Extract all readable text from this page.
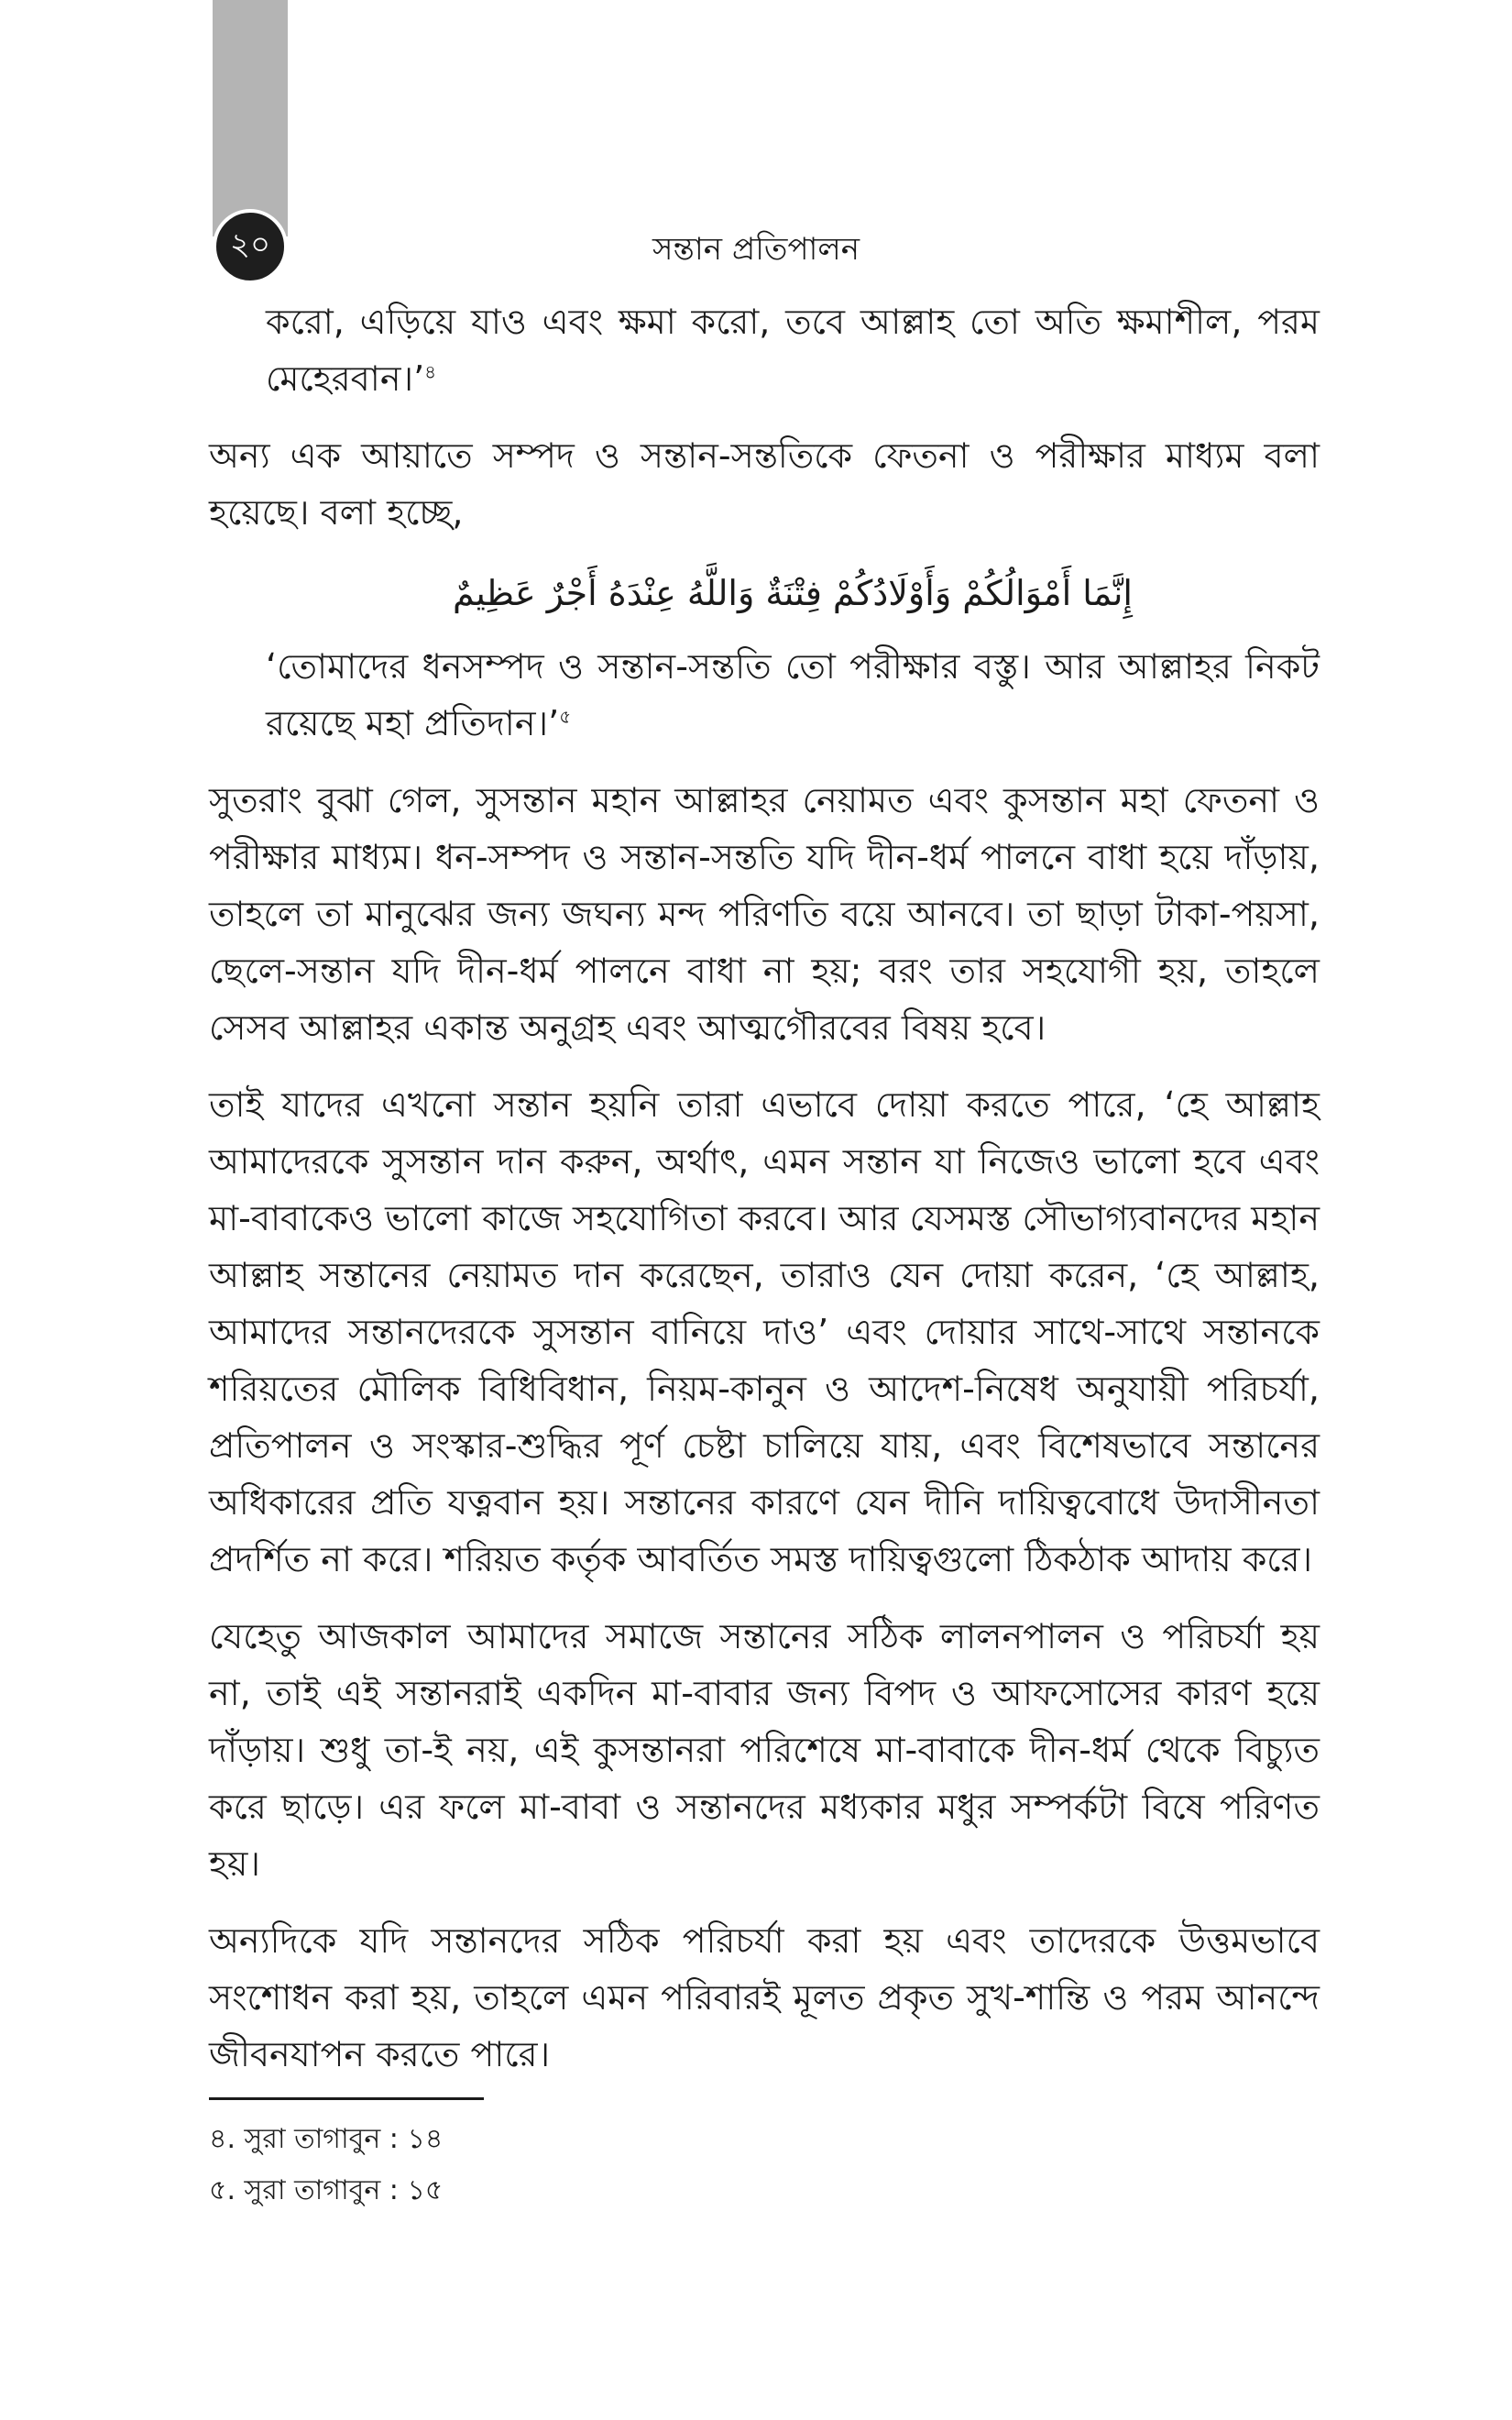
২০	সন্তান প্রতিপালন

করো, এড়িয়ে যাও এবং ক্ষমা করো, তবে আল্লাহ তো অতি ক্ষমাশীল, পরম মেহেরবান।’$^৪$

অন্য এক আয়াতে সম্পদ ও সন্তান-সন্ততিকে ফেতনা ও পরীক্ষার মাধ্যম বলা হয়েছে। বলা হচ্ছে,

إِنَّمَا أَمْوَالُكُمْ وَأَوْلَادُكُمْ فِتْنَةٌ وَاللَّهُ عِنْدَهُ أَجْرٌ عَظِيمٌ

‘তোমাদের ধনসম্পদ ও সন্তান-সন্ততি তো পরীক্ষার বস্তু। আর আল্লাহর নিকট রয়েছে মহা প্রতিদান।’$^৫$

সুতরাং বুঝা গেল, সুসন্তান মহান আল্লাহর নেয়ামত এবং কুসন্তান মহা ফেতনা ও পরীক্ষার মাধ্যম। ধন-সম্পদ ও সন্তান-সন্ততি যদি দীন-ধর্ম পালনে বাধা হয়ে দাঁড়ায়, তাহলে তা মানুঝের জন্য জঘন্য মন্দ পরিণতি বয়ে আনবে। তা ছাড়া টাকা-পয়সা, ছেলে-সন্তান যদি দীন-ধর্ম পালনে বাধা না হয়; বরং তার সহযোগী হয়, তাহলে সেসব আল্লাহর একান্ত অনুগ্রহ এবং আত্মগৌরবের বিষয় হবে।

তাই যাদের এখনো সন্তান হয়নি তারা এভাবে দোয়া করতে পারে, ‘হে আল্লাহ আমাদেরকে সুসন্তান দান করুন, অর্থাৎ, এমন সন্তান যা নিজেও ভালো হবে এবং মা-বাবাকেও ভালো কাজে সহযোগিতা করবে। আর যেসমস্ত সৌভাগ্যবানদের মহান আল্লাহ সন্তানের নেয়ামত দান করেছেন, তারাও যেন দোয়া করেন, ‘হে আল্লাহ, আমাদের সন্তানদেরকে সুসন্তান বানিয়ে দাও’ এবং দোয়ার সাথে-সাথে সন্তানকে শরিয়তের মৌলিক বিধিবিধান, নিয়ম-কানুন ও আদেশ-নিষেধ অনুযায়ী পরিচর্যা, প্রতিপালন ও সংস্কার-শুদ্ধির পূর্ণ চেষ্টা চালিয়ে যায়, এবং বিশেষভাবে সন্তানের অধিকারের প্রতি যত্নবান হয়। সন্তানের কারণে যেন দীনি দায়িত্ববোধে উদাসীনতা প্রদর্শিত না করে। শরিয়ত কর্তৃক আবর্তিত সমস্ত দায়িত্বগুলো ঠিকঠাক আদায় করে।

যেহেতু আজকাল আমাদের সমাজে সন্তানের সঠিক লালনপালন ও পরিচর্যা হয় না, তাই এই সন্তানরাই একদিন মা-বাবার জন্য বিপদ ও আফসোসের কারণ হয়ে দাঁড়ায়। শুধু তা-ই নয়, এই কুসন্তানরা পরিশেষে মা-বাবাকে দীন-ধর্ম থেকে বিচ্যুত করে ছাড়ে। এর ফলে মা-বাবা ও সন্তানদের মধ্যকার মধুর সম্পর্কটা বিষে পরিণত হয়।

অন্যদিকে যদি সন্তানদের সঠিক পরিচর্যা করা হয় এবং তাদেরকে উত্তমভাবে সংশোধন করা হয়, তাহলে এমন পরিবারই মূলত প্রকৃত সুখ-শান্তি ও পরম আনন্দে জীবনযাপন করতে পারে।

৪. সুরা তাগাবুন : ১৪

৫. সুরা তাগাবুন : ১৫
